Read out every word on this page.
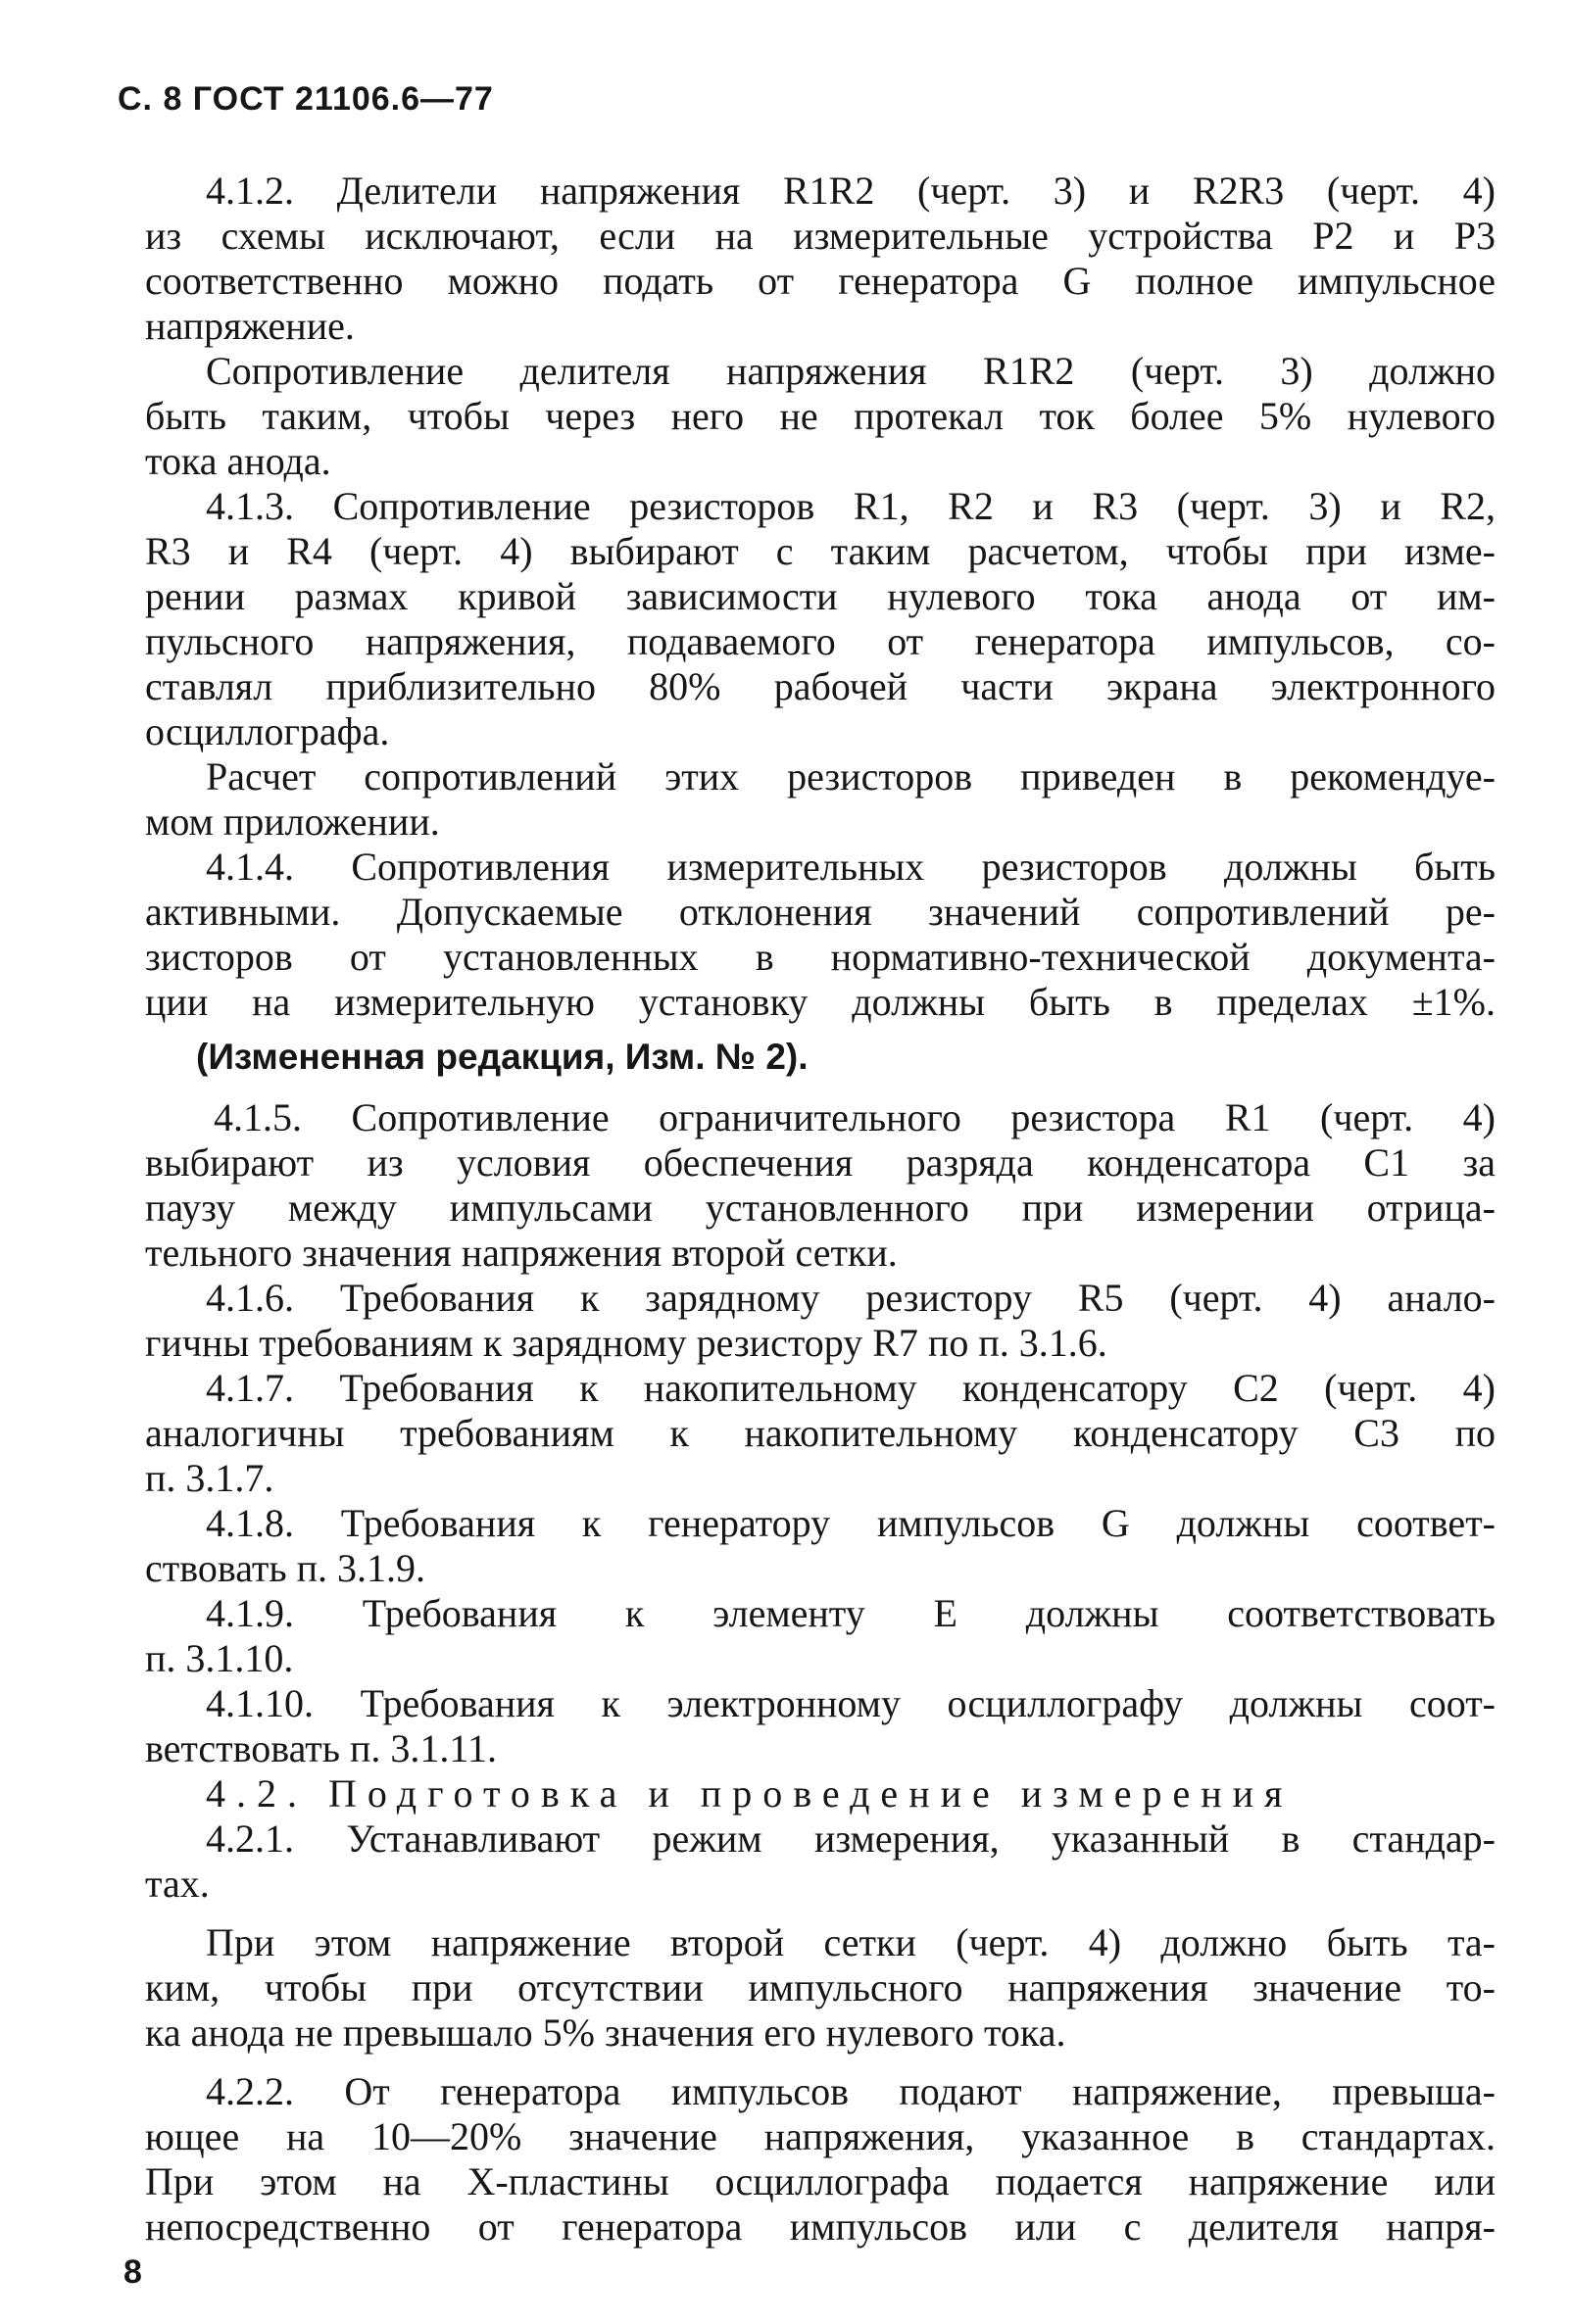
С. 8 ГОСТ 21106.6—77
4.1.2. Делители напряжения R1R2 (черт. 3) и R2R3 (черт. 4)
из схемы исключают, если на измерительные устройства P2 и P3
соответственно можно подать от генератора G полное импульсное
напряжение.
Сопротивление делителя напряжения R1R2 (черт. 3) должно
быть таким, чтобы через него не протекал ток более 5% нулевого
тока анода.
4.1.3. Сопротивление резисторов R1, R2 и R3 (черт. 3) и R2,
R3 и R4 (черт. 4) выбирают с таким расчетом, чтобы при изме-
рении размах кривой зависимости нулевого тока анода от им-
пульсного напряжения, подаваемого от генератора импульсов, со-
ставлял приблизительно 80% рабочей части экрана электронного
осциллографа.
Расчет сопротивлений этих резисторов приведен в рекомендуе-
мом приложении.
4.1.4. Сопротивления измерительных резисторов должны быть
активными. Допускаемые отклонения значений сопротивлений ре-
зисторов от установленных в нормативно-технической документа-
ции на измерительную установку должны быть в пределах ±1%.
(Измененная редакция, Изм. № 2).
4.1.5. Сопротивление ограничительного резистора R1 (черт. 4)
выбирают из условия обеспечения разряда конденсатора C1 за
паузу между импульсами установленного при измерении отрица-
тельного значения напряжения второй сетки.
4.1.6. Требования к зарядному резистору R5 (черт. 4) анало-
гичны требованиям к зарядному резистору R7 по п. 3.1.6.
4.1.7. Требования к накопительному конденсатору C2 (черт. 4)
аналогичны требованиям к накопительному конденсатору C3 по
п. 3.1.7.
4.1.8. Требования к генератору импульсов G должны соответ-
ствовать п. 3.1.9.
4.1.9. Требования к элементу E должны соответствовать
п. 3.1.10.
4.1.10. Требования к электронному осциллографу должны соот-
ветствовать п. 3.1.11.
4.2. Подготовка и проведение измерения
4.2.1. Устанавливают режим измерения, указанный в стандар-
тах.
При этом напряжение второй сетки (черт. 4) должно быть та-
ким, чтобы при отсутствии импульсного напряжения значение то-
ка анода не превышало 5% значения его нулевого тока.
4.2.2. От генератора импульсов подают напряжение, превыша-
ющее на 10—20% значение напряжения, указанное в стандартах.
При этом на X-пластины осциллографа подается напряжение или
непосредственно от генератора импульсов или с делителя напря-
8
